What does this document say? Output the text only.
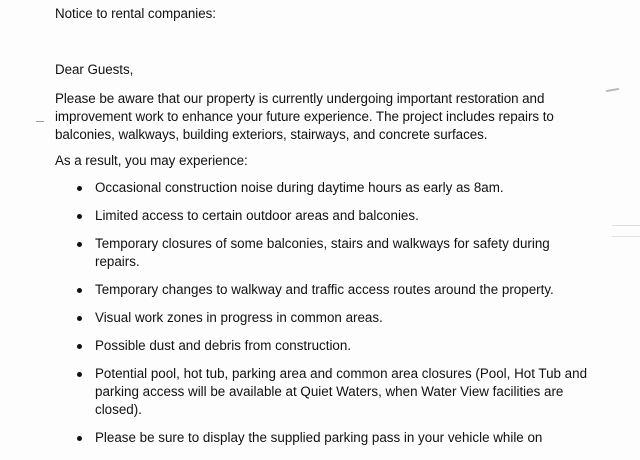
Notice to rental companies:
Dear Guests,
Please be aware that our property is currently undergoing important restoration and
improvement work to enhance your future experience. The project includes repairs to
balconies, walkways, building exteriors, stairways, and concrete surfaces.
As a result, you may experience:
Occasional construction noise during daytime hours as early as 8am.
Limited access to certain outdoor areas and balconies.
Temporary closures of some balconies, stairs and walkways for safety during
repairs.
Temporary changes to walkway and traffic access routes around the property.
Visual work zones in progress in common areas.
Possible dust and debris from construction.
Potential pool, hot tub, parking area and common area closures (Pool, Hot Tub and
parking access will be available at Quiet Waters, when Water View facilities are
closed).
Please be sure to display the supplied parking pass in your vehicle while on
